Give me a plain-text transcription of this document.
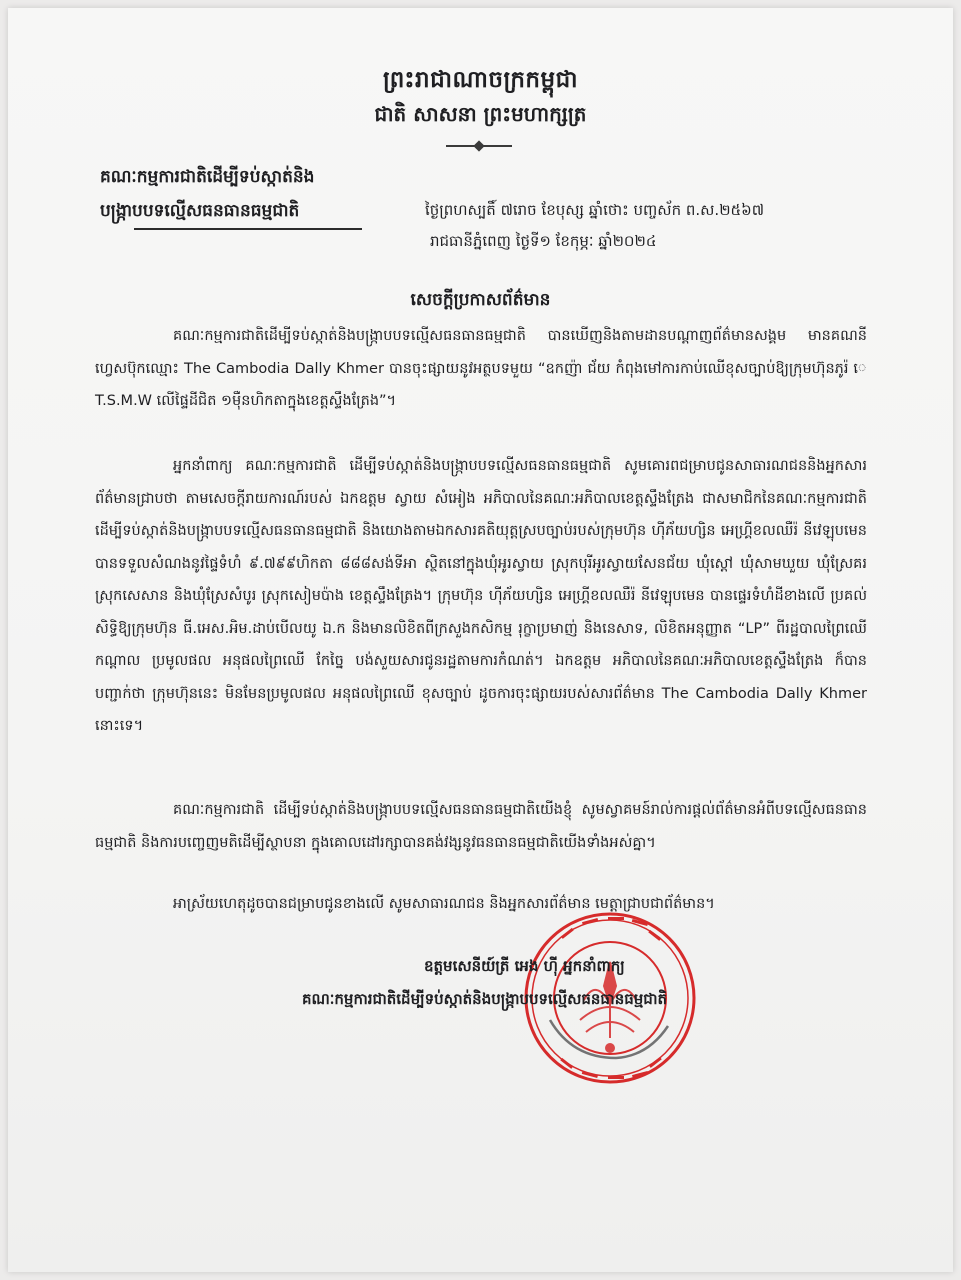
ព្រះរាជាណាចក្រកម្ពុជា
ជាតិ សាសនា ព្រះមហាក្សត្រ
គណៈកម្មការជាតិដើម្បីទប់ស្កាត់និង
បង្ក្រាបបទល្មើសធនធានធម្មជាតិ	ថ្ងៃព្រហស្បតិ៍ ៧រោច ខែបុស្ស ឆ្នាំថោះ បញ្ចស័ក ព.ស.២៥៦៧
រាជធានីភ្នំពេញ ថ្ងៃទី១ ខែកុម្ភៈ ឆ្នាំ២០២៤
សេចក្តីប្រកាសព័ត៌មាន

គណៈកម្មការជាតិដើម្បីទប់ស្កាត់និងបង្ក្រាបបទល្មើសធនធានធម្មជាតិ បានឃើញនិងតាមដានបណ្តាញព័ត៌មានសង្គម មានគណនីហ្វេសប៊ុកឈ្មោះ The Cambodia Dally Khmer បានចុះផ្សាយនូវអត្ថបទមួយ “ឧកញ៉ា ជ័យ កំពុងមៅការកាប់ឈើខុសច្បាប់ឱ្យក្រុមហ៊ុនភូរ៉ េ T.S.M.W លើផ្ទៃដីជិត ១ម៉ឺនហិកតាក្នុងខេត្តស្ទឹងត្រែង”។

អ្នកនាំពាក្យ គណៈកម្មការជាតិ ដើម្បីទប់ស្កាត់និងបង្ក្រាបបទល្មើសធនធានធម្មជាតិ សូមគោរពជម្រាបជូនសាធារណជននិងអ្នកសារព័ត៌មានជ្រាបថា តាមសេចក្តីរាយការណ៍របស់ ឯកឧត្តម ស្វាយ សំអៀង អភិបាលនៃគណៈអភិបាលខេត្តស្ទឹងត្រែង ជាសមាជិកនៃគណៈកម្មការជាតិ ដើម្បីទប់ស្កាត់និងបង្ក្រាបបទល្មើសធនធានធម្មជាតិ និងយោងតាមឯកសារគតិយុត្តស្របច្បាប់របស់ក្រុមហ៊ុន ហ៊ីភ័យហ្សិន អេហ្គ្រីខលឈឺរ៉ នីវេឡុបមេន បានទទួលសំណងនូវផ្ទៃទំហំ ៩.៧៩៩ហិកតា ៨៨៨សង់ទីអា ស្ថិតនៅក្នុងឃុំអូរស្វាយ ស្រុកបុរីអូរស្វាយសែនជ័យ ឃុំស្តៅ ឃុំសាមឃួយ ឃុំស្រែគរ ស្រុកសេសាន និងឃុំស្រែសំបូរ ស្រុកសៀមប៉ាង ខេត្តស្ទឹងត្រែង។ ក្រុមហ៊ុន ហ៊ីភ័យហ្សិន អេហ្គ្រីខលឈឺរ៉ នីវេឡុបមេន បានផ្ទេរទំហំដីខាងលើ ប្រគល់សិទ្ធិឱ្យក្រុមហ៊ុន ធី.អេស.អិម.ដាប់បើលយូ ឯ.ក និងមានលិខិតពីក្រសួងកសិកម្ម រុក្ខាប្រមាញ់ និងនេសាទ, លិខិតអនុញ្ញាត “LP” ពីរដ្ឋបាលព្រៃឈើកណ្តាល ប្រមូលផល អនុផលព្រៃឈើ កែច្នៃ បង់សួយសារជូនរដ្ឋតាមការកំណត់។ ឯកឧត្តម អភិបាលនៃគណៈអភិបាលខេត្តស្ទឹងត្រែង ក៏បានបញ្ជាក់ថា ក្រុមហ៊ុននេះ មិនមែនប្រមូលផល អនុផលព្រៃឈើ ខុសច្បាប់ ដូចការចុះផ្សាយរបស់សារព័ត៌មាន The Cambodia Dally Khmer នោះទេ។

គណៈកម្មការជាតិ ដើម្បីទប់ស្កាត់និងបង្ក្រាបបទល្មើសធនធានធម្មជាតិយើងខ្ញុំ សូមស្វាគមន៍រាល់ការផ្តល់ព័ត៌មានអំពីបទល្មើសធនធានធម្មជាតិ និងការបញ្ចេញមតិដើម្បីស្ថាបនា ក្នុងគោលដៅរក្សាបានគង់វង្សនូវធនធានធម្មជាតិយើងទាំងអស់គ្នា។

អាស្រ័យហេតុដូចបានជម្រាបជូនខាងលើ សូមសាធារណជន និងអ្នកសារព័ត៌មាន មេត្តាជ្រាបជាព័ត៌មាន។

ឧត្តមសេនីយ៍ត្រី អេង ហ៊ី អ្នកនាំពាក្យ
គណៈកម្មការជាតិដើម្បីទប់ស្កាត់និងបង្ក្រាបបទល្មើសធនធានធម្មជាតិ
